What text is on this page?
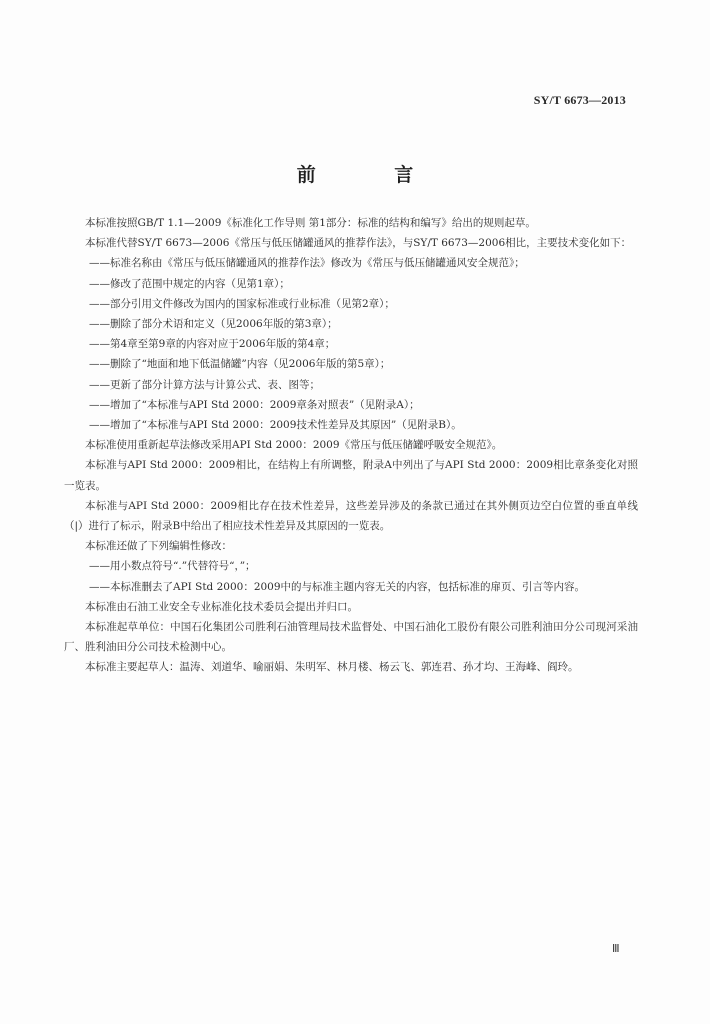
SY/T 6673—2013
前 言

本标准按照GB/T 1.1—2009《标准化工作导则 第1部分：标准的结构和编写》给出的规则起草。

本标准代替SY/T 6673—2006《常压与低压储罐通风的推荐作法》，与SY/T 6673—2006相比，主要技术变化如下：

——标准名称由《常压与低压储罐通风的推荐作法》修改为《常压与低压储罐通风安全规范》；

——修改了范围中规定的内容（见第1章）；

——部分引用文件修改为国内的国家标准或行业标准（见第2章）；

——删除了部分术语和定义（见2006年版的第3章）；

——第4章至第9章的内容对应于2006年版的第4章；

——删除了“地面和地下低温储罐”内容（见2006年版的第5章）；

——更新了部分计算方法与计算公式、表、图等；

——增加了“本标准与API Std 2000：2009章条对照表”（见附录A）；

——增加了“本标准与API Std 2000：2009技术性差异及其原因”（见附录B）。

本标准使用重新起草法修改采用API Std 2000：2009《常压与低压储罐呼吸安全规范》。

本标准与API Std 2000：2009相比，在结构上有所调整，附录A中列出了与API Std 2000：2009相比章条变化对照一览表。

本标准与API Std 2000：2009相比存在技术性差异，这些差异涉及的条款已通过在其外侧页边空白位置的垂直单线（|）进行了标示，附录B中给出了相应技术性差异及其原因的一览表。

本标准还做了下列编辑性修改：

——用小数点符号“.”代替符号“，”；

——本标准删去了API Std 2000：2009中的与标准主题内容无关的内容，包括标准的扉页、引言等内容。

本标准由石油工业安全专业标准化技术委员会提出并归口。

本标准起草单位：中国石化集团公司胜利石油管理局技术监督处、中国石油化工股份有限公司胜利油田分公司现河采油厂、胜利油田分公司技术检测中心。

本标准主要起草人：温涛、刘道华、喻丽娟、朱明军、林月楼、杨云飞、郭连君、孙才均、王海峰、阎玲。

Ⅲ
